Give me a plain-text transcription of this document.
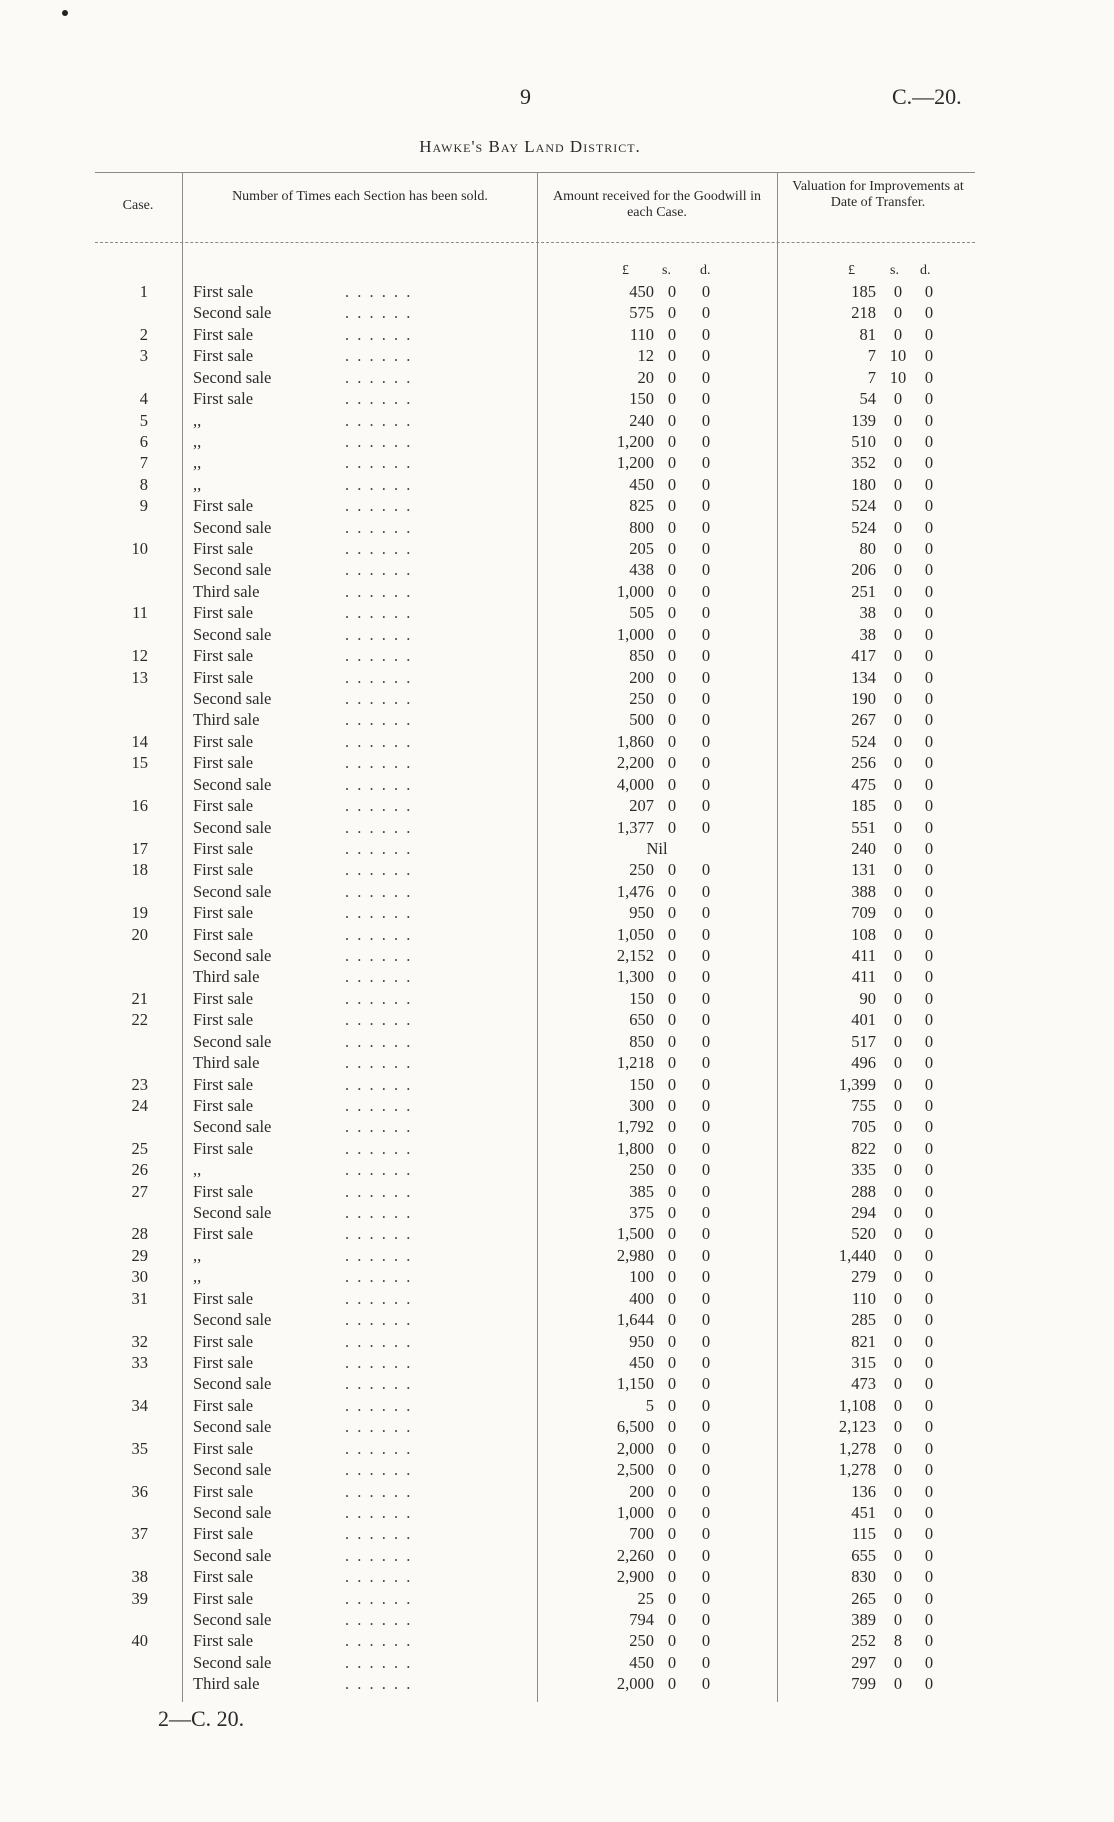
9	C.—20.
Hawke's Bay Land District.
Case.
Number of Times each Section has been sold.	Amount received for the Goodwill in each Case.
Valuation for Improvements at Date of Transfer.
£ s. d.	£	s. d.
1	First sale	. . . . . .	450 0	0	185	0	0
Second sale	. . . . . .	575 0	0	218	0	0
2	First sale	. . . . . .	110 0	0	81	0	0
3	First sale	. . . . . .	12 0	0	7 10	0
Second sale	. . . . . .	20 0	0	7 10	0
4	First sale	. . . . . .	150 0	0	54	0	0
5	,,	. . . . . .	240 0	0	139	0	0
6	,,	. . . . . .	1,200 0	0	510	0	0
7	,,	. . . . . .	1,200 0	0	352	0	0
8	,,	. . . . . .	450 0	0	180	0	0
9	First sale	. . . . . .	825 0	0	524	0	0
Second sale	. . . . . .	800 0	0	524	0	0
10	First sale	. . . . . .	205 0	0	80	0	0
Second sale	. . . . . .	438 0	0	206	0	0
Third sale	. . . . . .	1,000 0	0	251	0	0
11	First sale	. . . . . .	505 0	0	38	0	0
Second sale	. . . . . .	1,000 0	0	38	0	0
12	First sale	. . . . . .	850 0	0	417	0	0
13	First sale	. . . . . .	200 0	0	134	0	0
Second sale	. . . . . .	250 0	0	190	0	0
Third sale	. . . . . .	500 0	0	267	0	0
14	First sale	. . . . . .	1,860 0	0	524	0	0
15	First sale	. . . . . .	2,200 0	0	256	0	0
Second sale	. . . . . .	4,000 0	0	475	0	0
16	First sale	. . . . . .	207 0	0	185	0	0
Second sale	. . . . . .	1,377 0	0	551	0	0
17	First sale	. . . . . .	Nil	240	0	0
18	First sale	. . . . . .	250 0	0	131	0	0
Second sale	. . . . . .	1,476 0	0	388	0	0
19	First sale	. . . . . .	950 0	0	709	0	0
20	First sale	. . . . . .	1,050 0	0	108	0	0
Second sale	. . . . . .	2,152 0	0	411	0	0
Third sale	. . . . . .	1,300 0	0	411	0	0
21	First sale	. . . . . .	150 0	0	90	0	0
22	First sale	. . . . . .	650 0	0	401	0	0
Second sale	. . . . . .	850 0	0	517	0	0
Third sale	. . . . . .	1,218 0	0	496	0	0
23	First sale	. . . . . .	150 0	0	1,399	0	0
24	First sale	. . . . . .	300 0	0	755	0	0
Second sale	. . . . . .	1,792 0	0	705	0	0
25	First sale	. . . . . .	1,800 0	0	822	0	0
26	,,	. . . . . .	250 0	0	335	0	0
27	First sale	. . . . . .	385 0	0	288	0	0
Second sale	. . . . . .	375 0	0	294	0	0
28	First sale	. . . . . .	1,500 0	0	520	0	0
29	,,	. . . . . .	2,980 0	0	1,440	0	0
30	,,	. . . . . .	100 0	0	279	0	0
31	First sale	. . . . . .	400 0	0	110	0	0
Second sale	. . . . . .	1,644 0	0	285	0	0
32	First sale	. . . . . .	950 0	0	821	0	0
33	First sale	. . . . . .	450 0	0	315	0	0
Second sale	. . . . . .	1,150 0	0	473	0	0
34	First sale	. . . . . .	5 0	0	1,108	0	0
Second sale	. . . . . .	6,500 0	0	2,123	0	0
35	First sale	. . . . . .	2,000 0	0	1,278	0	0
Second sale	. . . . . .	2,500 0	0	1,278	0	0
36	First sale	. . . . . .	200 0	0	136	0	0
Second sale	. . . . . .	1,000 0	0	451	0	0
37	First sale	. . . . . .	700 0	0	115	0	0
Second sale	. . . . . .	2,260 0	0	655	0	0
38	First sale	. . . . . .	2,900 0	0	830	0	0
39	First sale	. . . . . .	25 0	0	265	0	0
Second sale	. . . . . .	794 0	0	389	0	0
40	First sale	. . . . . .	250 0	0	252	8	0
Second sale	. . . . . .	450 0	0	297	0	0
Third sale	. . . . . .	2,000 0	0	799	0	0
2—C. 20.
